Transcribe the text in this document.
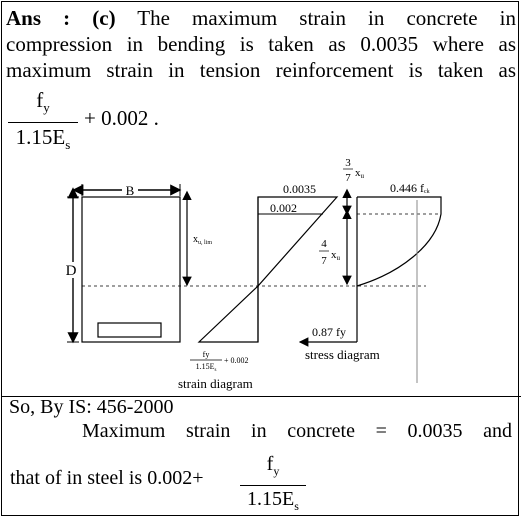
Ans : (c) The maximum strain in concrete in
compression in bending is taken as 0.0035 where as
maximum strain in tension reinforcement is taken as
$\frac{f_y}{1.15E_s} + 0.002$ .
B
D
$x_{u, lim}$
0.0035
0.002
fy
$1.15E_s$
+ 0.002
strain diagram
3
7 xu
4
7 xu
0.446 fck
0.87 fy
stress diagram
So, By IS: 456-2000
Maximum strain in concrete = 0.0035 and
that of in steel is $0.002+ \frac{f_y}{1.15E_s}$
